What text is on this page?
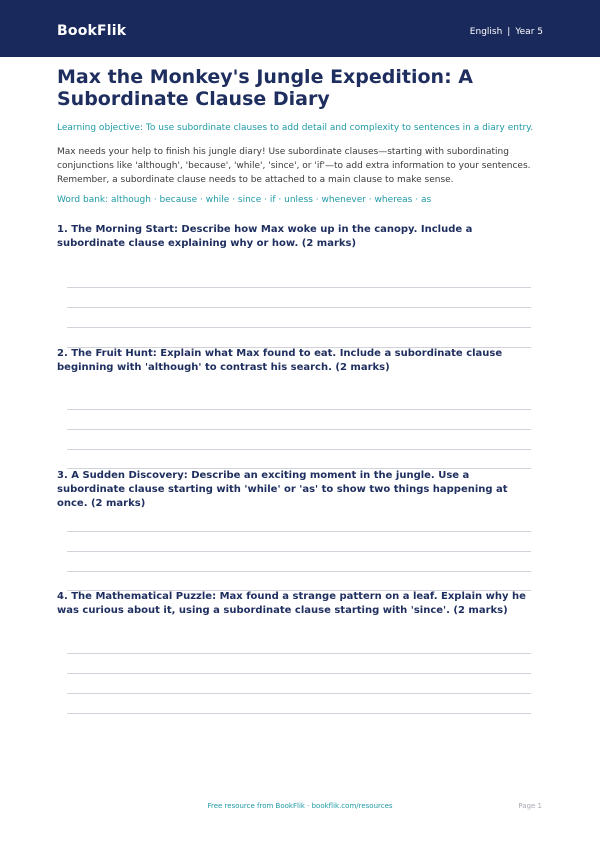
BookFlik	English | Year 5
Max the Monkey's Jungle Expedition: A Subordinate Clause Diary

Learning objective: To use subordinate clauses to add detail and complexity to sentences in a diary entry.

Max needs your help to finish his jungle diary! Use subordinate clauses—starting with subordinating conjunctions like 'although', 'because', 'while', 'since', or 'if'—to add extra information to your sentences. Remember, a subordinate clause needs to be attached to a main clause to make sense.

Word bank: although · because · while · since · if · unless · whenever · whereas · as

1. The Morning Start: Describe how Max woke up in the canopy. Include a subordinate clause explaining why or how. (2 marks)

2. The Fruit Hunt: Explain what Max found to eat. Include a subordinate clause beginning with 'although' to contrast his search. (2 marks)

3. A Sudden Discovery: Describe an exciting moment in the jungle. Use a subordinate clause starting with 'while' or 'as' to show two things happening at once. (2 marks)

4. The Mathematical Puzzle: Max found a strange pattern on a leaf. Explain why he was curious about it, using a subordinate clause starting with 'since'. (2 marks)

Free resource from BookFlik · bookflik.com/resources	Page 1
